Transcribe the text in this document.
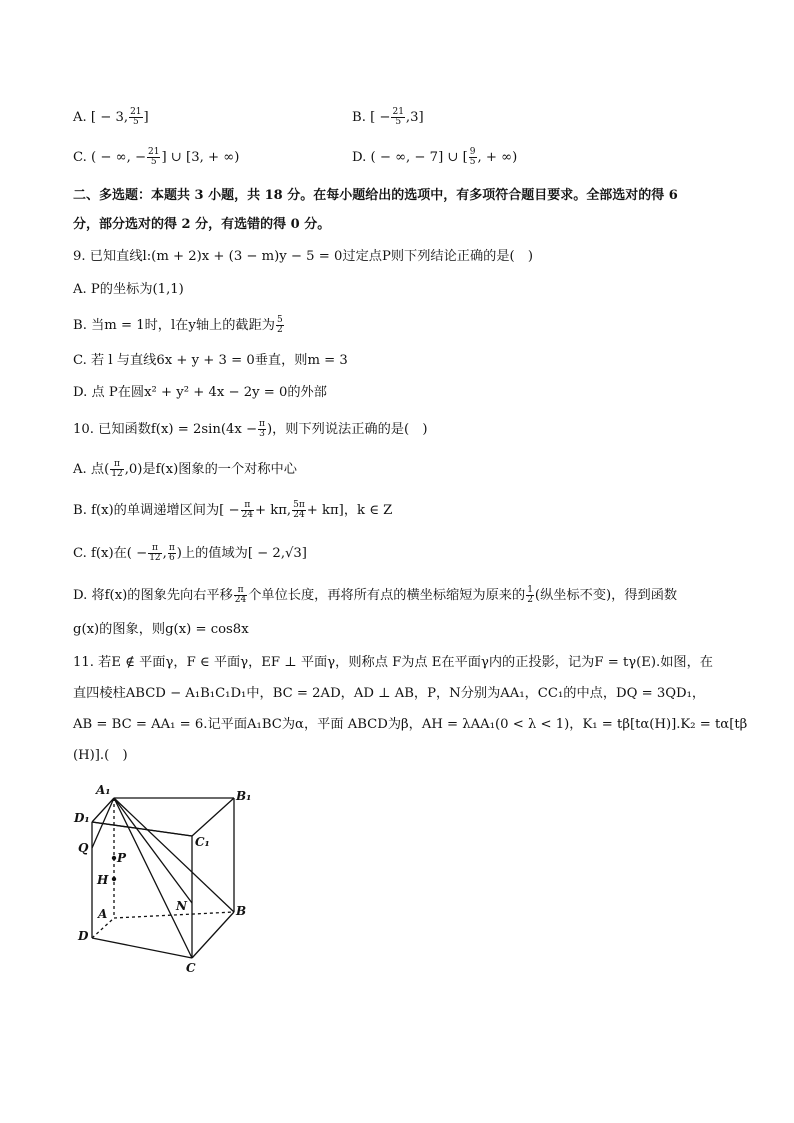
A. [ − 3, $\frac{21}{5}$ ]	B. [ − $\frac{21}{5} ,3$]
C. ( − ∞, − $\frac{21}{5}$ ] ∪ [3, + ∞)	D. ( − ∞, − 7] ∪ [ $\frac{9}{5}$ , + ∞)
二、多选题：本题共 3 小题，共 18 分。在每小题给出的选项中，有多项符合题目要求。全部选对的得 6
分，部分选对的得 2 分，有选错的得 0 分。
9. 已知直线l:(m + 2)x + (3 − m)y − 5 = 0过定点P则下列结论正确的是(　)
A. P的坐标为(1,1)
B. 当m = 1时，l在y轴上的截距为 $\frac{5}{2}$
C. 若 l 与直线6x + y + 3 = 0垂直，则m = 3
D. 点 P在圆x² + y² + 4x − 2y = 0的外部
10. 已知函数$f(x) = 2\sin(4x - \frac{\pi}{3}$ )，则下列说法正确的是(　)
A. 点( $\frac{\pi}{12} ,0$)是f(x)图象的一个对称中心
B. f(x)的单调递增区间为[ − $\frac{\pi}{24} + k\pi$, $\frac{5\pi}{24} + k\pi$]，k ∈ Z
C. f(x)在( − $\frac{\pi}{12}$ , $\frac{\pi}{6}$ )上的值域为[ − 2,√3]
D. 将f(x)的图象先向右平移 $\frac{\pi}{24}$ 个单位长度，再将所有点的横坐标缩短为原来的 $\frac{1}{2}$ (纵坐标不变)，得到函数
g(x)的图象，则g(x) = cos8x
11. 若E ∉ 平面γ，F ∈ 平面γ，EF ⊥ 平面γ，则称点 F为点 E在平面γ内的正投影，记为F = tγ(E).如图，在
直四棱柱ABCD − A₁B₁C₁D₁中，BC = 2AD，AD ⊥ AB，P，N分别为AA₁，CC₁的中点，DQ = 3QD₁，
AB = BC = AA₁ = 6.记平面A₁BC为α，平面 ABCD为β，AH = λAA₁(0 < λ < 1)，K₁ = tβ[tα(H)].K₂ = tα[tβ
(H)].(　)
A₁	B₁
C₁
D₁
Q
P
H
N
A	B
C
D
